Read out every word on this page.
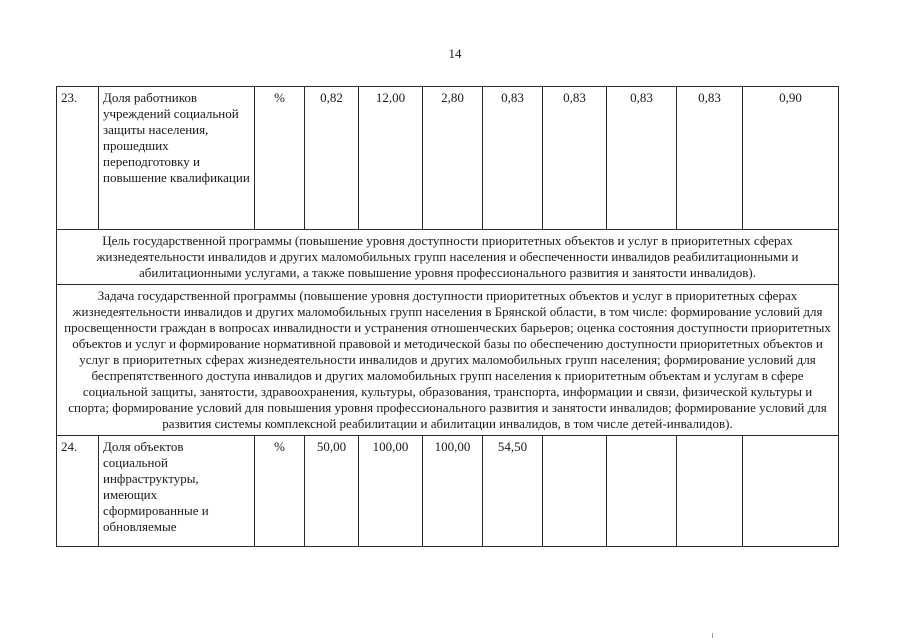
14
23.	Доля работников учреждений социальной защиты населения, прошедших переподготовку и повышение квалификации	%	0,82	12,00	2,80	0,83	0,83	0,83	0,83	0,90
Цель государственной программы (повышение уровня доступности приоритетных объектов и услуг в приоритетных сферах жизнедеятельности инвалидов и других маломобильных групп населения и обеспеченности инвалидов реабилитационными и абилитационными услугами, а также повышение уровня профессионального развития и занятости инвалидов).										
Задача государственной программы (повышение уровня доступности приоритетных объектов и услуг в приоритетных сферах жизнедеятельности инвалидов и других маломобильных групп населения в Брянской области, в том числе: формирование условий для просвещенности граждан в вопросах инвалидности и устранения отношенческих барьеров; оценка состояния доступности приоритетных объектов и услуг и формирование нормативной правовой и методической базы по обеспечению доступности приоритетных объектов и услуг в приоритетных сферах жизнедеятельности инвалидов и других маломобильных групп населения; формирование условий для беспрепятственного доступа инвалидов и других маломобильных групп населения к приоритетным объектам и услугам в сфере социальной защиты, занятости, здравоохранения, культуры, образования, транспорта, информации и связи, физической культуры и спорта; формирование условий для повышения уровня профессионального развития и занятости инвалидов; формирование условий для развития системы комплексной реабилитации и абилитации инвалидов, в том числе детей-инвалидов).										
24.	Доля объектов социальной инфраструктуры, имеющих сформированные и обновляемые	%	50,00	100,00	100,00	54,50				
